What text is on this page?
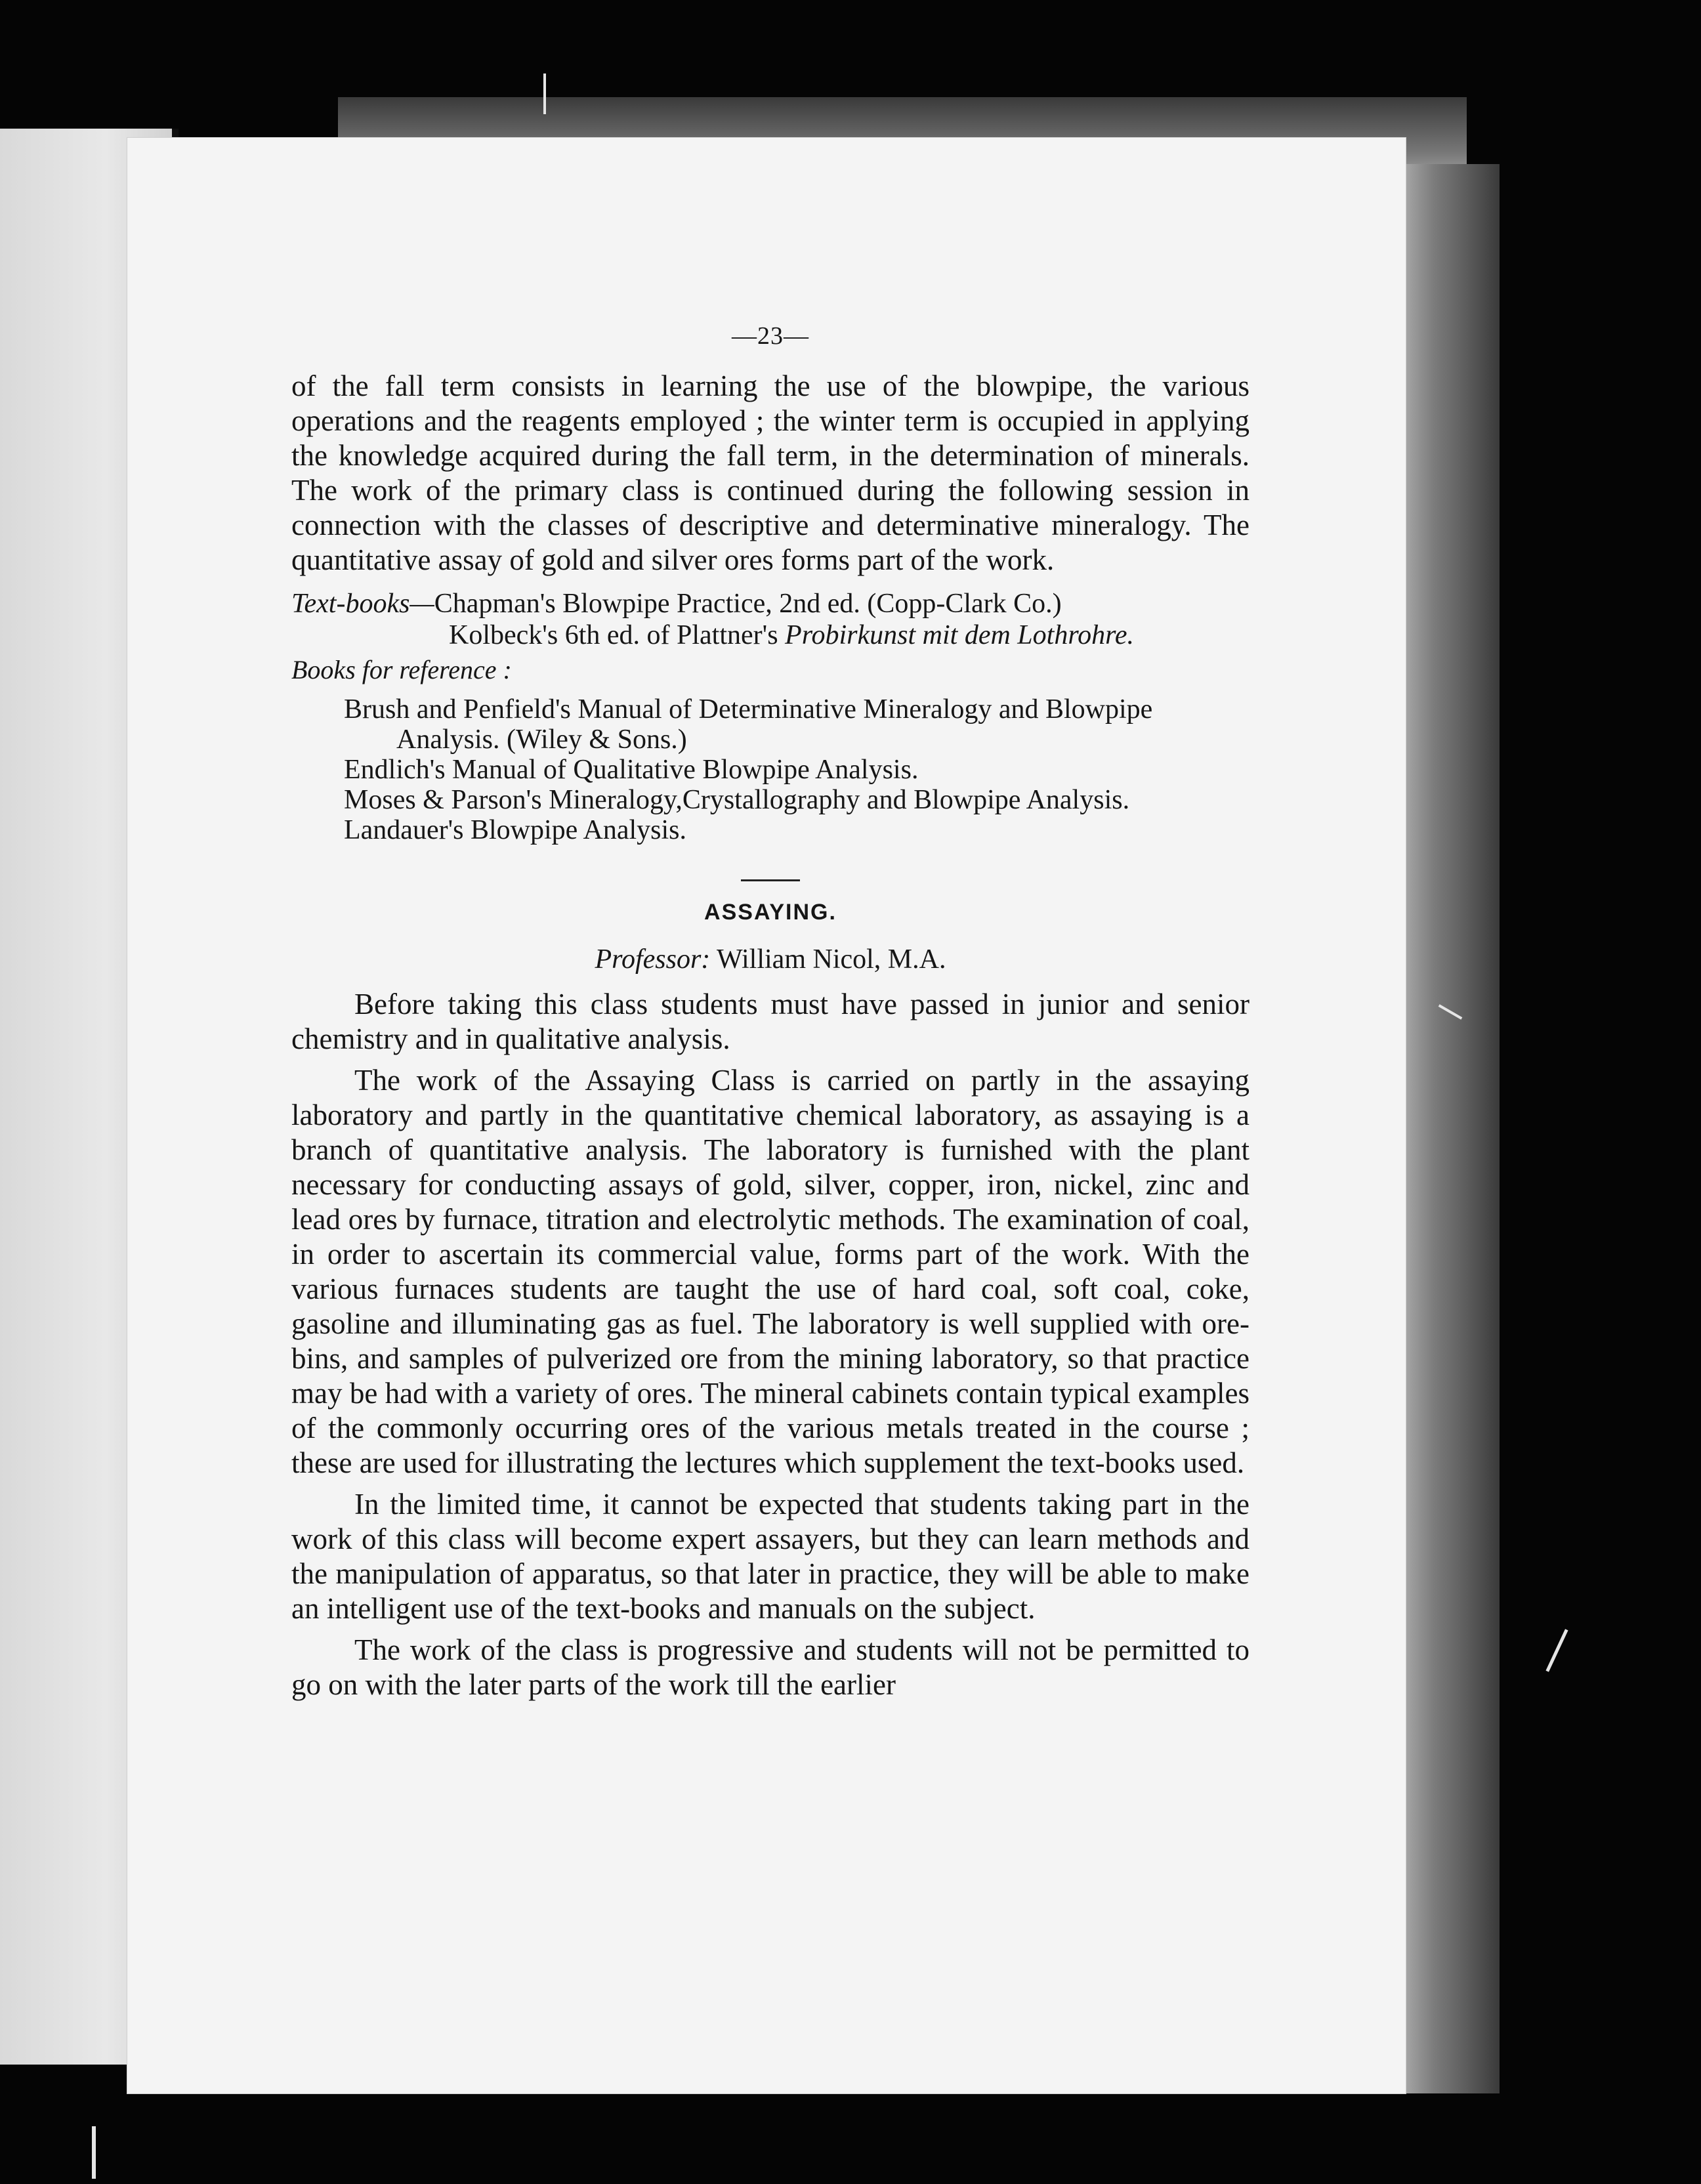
—23—

of the fall term consists in learning the use of the blowpipe, the various operations and the reagents employed ; the winter term is occupied in applying the knowledge acquired during the fall term, in the determination of minerals. The work of the primary class is continued during the following session in connection with the classes of descriptive and determinative mineralogy. The quantitative assay of gold and silver ores forms part of the work.

Text-books—Chapman's Blowpipe Practice, 2nd ed. (Copp-Clark Co.)
Kolbeck's 6th ed. of Plattner's Probirkunst mit dem Lothrohre.
Books for reference :
Brush and Penfield's Manual of Determinative Mineralogy and Blowpipe Analysis. (Wiley & Sons.)
Endlich's Manual of Qualitative Blowpipe Analysis.
Moses & Parson's Mineralogy,Crystallography and Blowpipe Analysis.
Landauer's Blowpipe Analysis.
ASSAYING.
Professor: William Nicol, M.A.

Before taking this class students must have passed in junior and senior chemistry and in qualitative analysis.

The work of the Assaying Class is carried on partly in the assaying laboratory and partly in the quantitative chemical laboratory, as assaying is a branch of quantitative analysis. The laboratory is furnished with the plant necessary for conducting assays of gold, silver, copper, iron, nickel, zinc and lead ores by furnace, titration and electrolytic methods. The examination of coal, in order to ascertain its commercial value, forms part of the work. With the various furnaces students are taught the use of hard coal, soft coal, coke, gasoline and illuminating gas as fuel. The laboratory is well supplied with ore-bins, and samples of pulverized ore from the mining laboratory, so that practice may be had with a variety of ores. The mineral cabinets contain typical examples of the commonly occurring ores of the various metals treated in the course ; these are used for illustrating the lectures which supplement the text-books used.

In the limited time, it cannot be expected that students taking part in the work of this class will become expert assayers, but they can learn methods and the manipulation of apparatus, so that later in practice, they will be able to make an intelligent use of the text-books and manuals on the subject.

The work of the class is progressive and students will not be permitted to go on with the later parts of the work till the earlier
